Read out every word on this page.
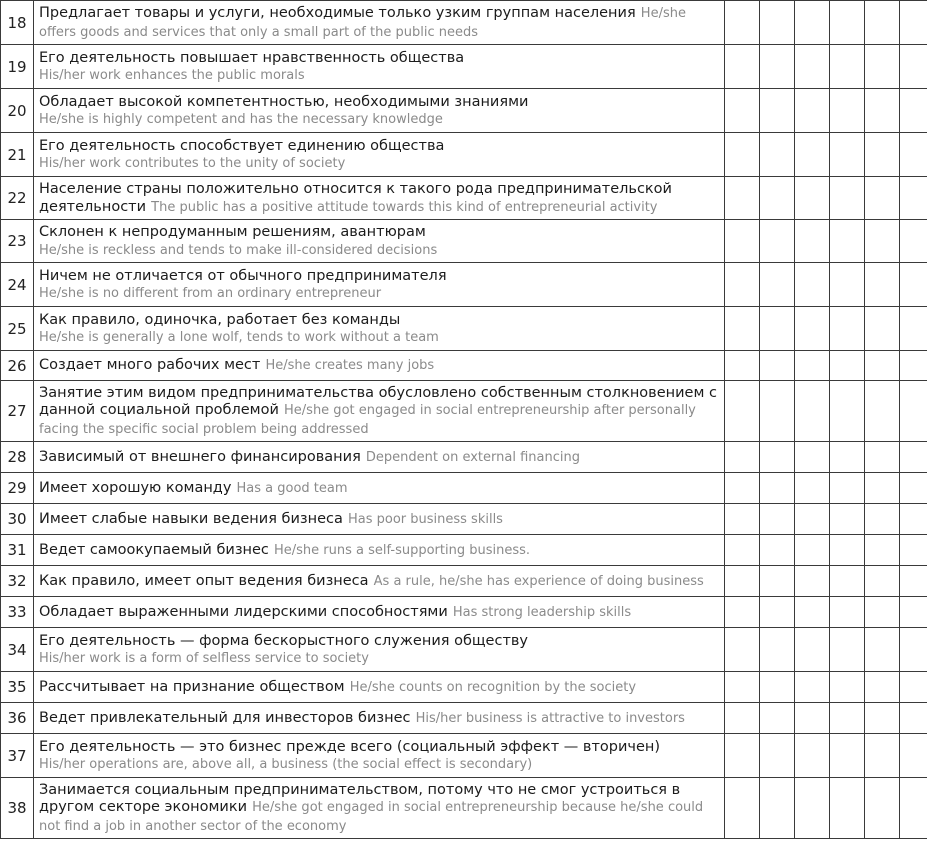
18	Предлагает товары и услуги, необходимые только узким группам населения He/she offers goods and services that only a small part of the public needs						
19	Его деятельность повышает нравственность общества
His/her work enhances the public morals						
20	Обладает высокой компетентностью, необходимыми знаниями
He/she is highly competent and has the necessary knowledge						
21	Его деятельность способствует единению общества
His/her work contributes to the unity of society						
22	Население страны положительно относится к такого рода предпринимательской деятельности The public has a positive attitude towards this kind of entrepreneurial activity						
23	Склонен к непродуманным решениям, авантюрам
He/she is reckless and tends to make ill-considered decisions						
24	Ничем не отличается от обычного предпринимателя
He/she is no different from an ordinary entrepreneur						
25	Как правило, одиночка, работает без команды
He/she is generally a lone wolf, tends to work without a team						
26	Создает много рабочих мест He/she creates many jobs						
27	Занятие этим видом предпринимательства обусловлено собственным столкновением с данной социальной проблемой He/she got engaged in social entrepreneurship after personally facing the specific social problem being addressed						
28	Зависимый от внешнего финансирования Dependent on external financing						
29	Имеет хорошую команду Has a good team						
30	Имеет слабые навыки ведения бизнеса Has poor business skills						
31	Ведет самоокупаемый бизнес He/she runs a self-supporting business.						
32	Как правило, имеет опыт ведения бизнеса As a rule, he/she has experience of doing business						
33	Обладает выраженными лидерскими способностями Has strong leadership skills						
34	Его деятельность — форма бескорыстного служения обществу
His/her work is a form of selfless service to society						
35	Рассчитывает на признание обществом He/she counts on recognition by the society						
36	Ведет привлекательный для инвесторов бизнес His/her business is attractive to investors						
37	Его деятельность — это бизнес прежде всего (социальный эффект — вторичен)
His/her operations are, above all, a business (the social effect is secondary)						
38	Занимается социальным предпринимательством, потому что не смог устроиться в другом секторе экономики He/she got engaged in social entrepreneurship because he/she could not find a job in another sector of the economy						
